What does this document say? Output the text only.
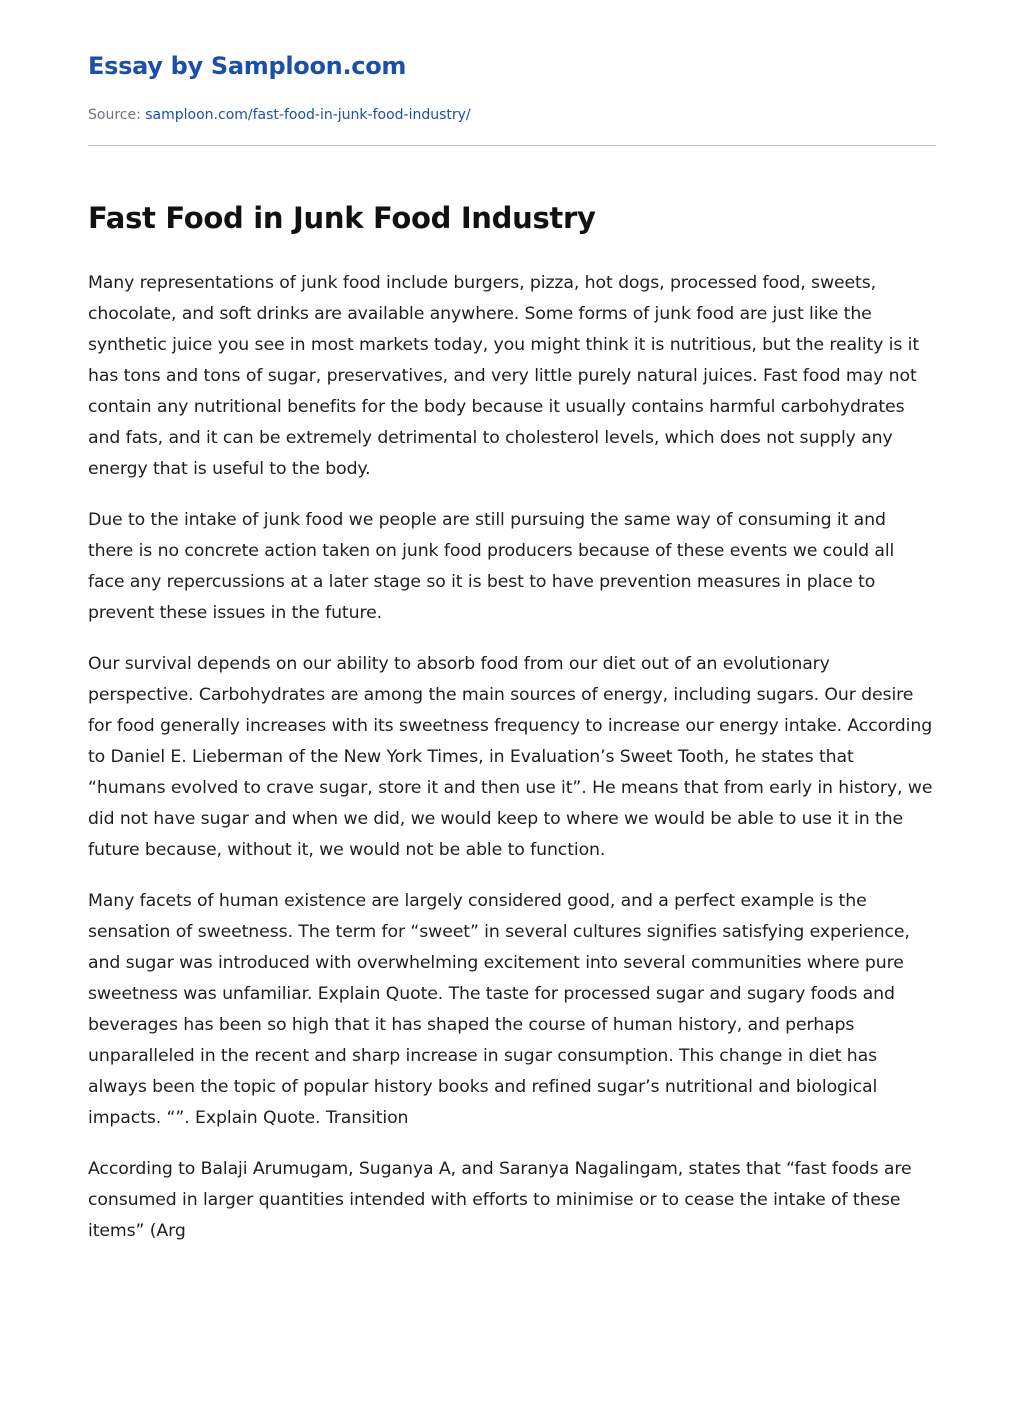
Essay by Samploon.com
Source: samploon.com/fast-food-in-junk-food-industry/
Fast Food in Junk Food Industry

Many representations of junk food include burgers, pizza, hot dogs, processed food, sweets, chocolate, and soft drinks are available anywhere. Some forms of junk food are just like the synthetic juice you see in most markets today, you might think it is nutritious, but the reality is it has tons and tons of sugar, preservatives, and very little purely natural juices. Fast food may not contain any nutritional benefits for the body because it usually contains harmful carbohydrates and fats, and it can be extremely detrimental to cholesterol levels, which does not supply any energy that is useful to the body.

Due to the intake of junk food we people are still pursuing the same way of consuming it and there is no concrete action taken on junk food producers because of these events we could all face any repercussions at a later stage so it is best to have prevention measures in place to prevent these issues in the future.

Our survival depends on our ability to absorb food from our diet out of an evolutionary perspective. Carbohydrates are among the main sources of energy, including sugars. Our desire for food generally increases with its sweetness frequency to increase our energy intake. According to Daniel E. Lieberman of the New York Times, in Evaluation’s Sweet Tooth, he states that “humans evolved to crave sugar, store it and then use it”. He means that from early in history, we did not have sugar and when we did, we would keep to where we would be able to use it in the future because, without it, we would not be able to function.

Many facets of human existence are largely considered good, and a perfect example is the sensation of sweetness. The term for “sweet” in several cultures signifies satisfying experience, and sugar was introduced with overwhelming excitement into several communities where pure sweetness was unfamiliar. Explain Quote. The taste for processed sugar and sugary foods and beverages has been so high that it has shaped the course of human history, and perhaps unparalleled in the recent and sharp increase in sugar consumption. This change in diet has always been the topic of popular history books and refined sugar’s nutritional and biological impacts. “”. Explain Quote. Transition

According to Balaji Arumugam, Suganya A, and Saranya Nagalingam, states that “fast foods are consumed in larger quantities intended with efforts to minimise or to cease the intake of these items” (Arg
